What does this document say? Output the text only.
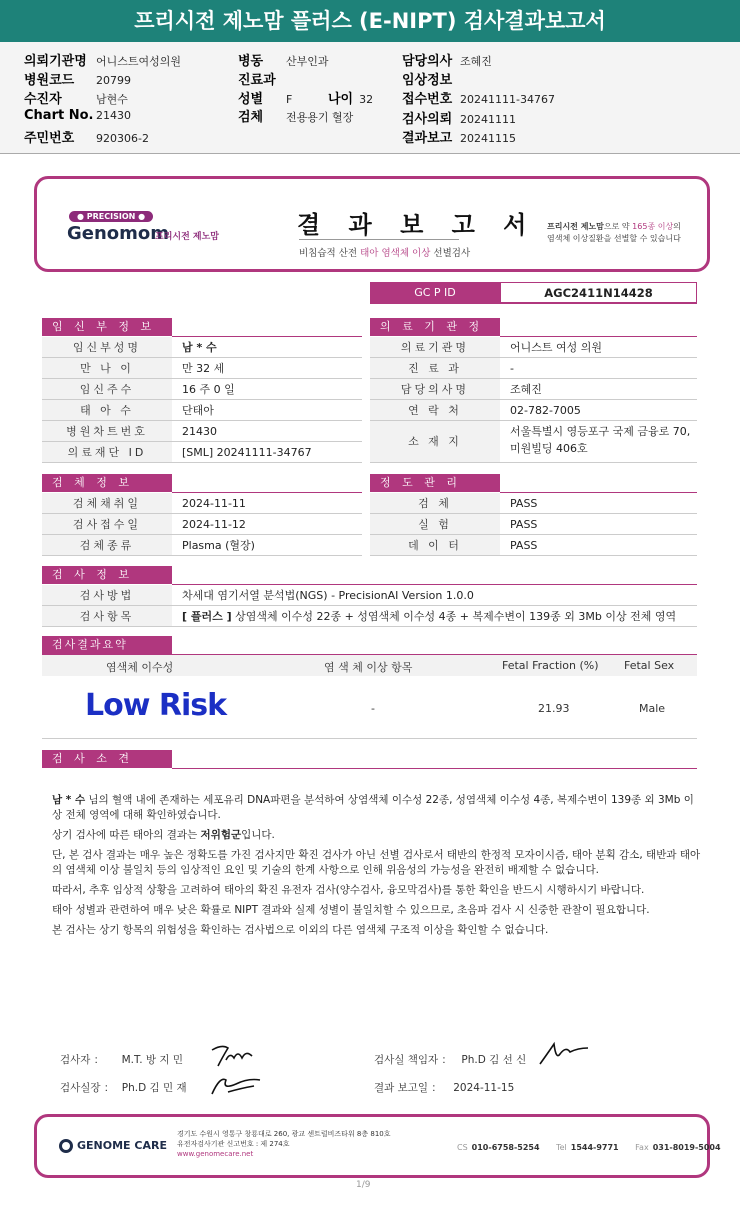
프리시전 제노맘 플러스 (E-NIPT) 검사결과보고서
의뢰기관명 어니스트여성의원
병원코드 20799
수진자	남현수
Chart No. 21430
주민번호 920306-2
병동 산부인과
진료과
성별 F	나이 32
검체 전용용기 혈장
담당의사 조혜진
임상정보
접수번호 20241111-34767
검사의뢰 20241111
결과보고 20241115
● PRECISION ●
Genomom
프리시전 제노맘	결 과 보 고 서
비침습적 산전 태아 염색체 이상 선별검사
프리시전 제노맘으로 약 165종 이상의
염색체 이상질환을 선별할 수 있습니다
GC P ID	AGC2411N14428
임 신 부 정 보
임신부성명	남 * 수
만 나 이	만 32 세
임신주수	16 주 0 일
태 아 수	단태아
병원차트번호	21430
의료재단 ID	[SML] 20241111-34767
의 료 기 관 정
의료기관명	어니스트 여성 의원
진 료 과	-
담당의사명	조혜진
연 락 처	02-782-7005
소 재 지
서울특별시 영등포구 국제 금융로 70,
미원빌딩 406호
검 체 정 보
검체채취일	2024-11-11
검사접수일	2024-11-12
검체종류	Plasma (혈장)
정 도 관 리
검 체	PASS
실 험	PASS
데 이 터	PASS
검 사 정 보
검사방법	차세대 염기서열 분석법(NGS) - PrecisionAI Version 1.0.0
검사항목	[ 플러스 ] 상염색체 이수성 22종 + 성염색체 이수성 4종 + 복제수변이 139종 외 3Mb 이상 전체 영역
검사결과요약
염색체 이수성	염 색 체 이상 항목	Fetal Fraction (%) Fetal Sex
Low Risk	-	21.93	Male
검 사 소 견

남 * 수 님의 혈액 내에 존재하는 세포유리 DNA파편을 분석하여 상염색체 이수성 22종, 성염색체 이수성 4종, 복제수변이 139종 외 3Mb 이상 전체 영역에 대해 확인하였습니다.

상기 검사에 따른 태아의 결과는 저위험군입니다.

단, 본 검사 결과는 매우 높은 정확도를 가진 검사지만 확진 검사가 아닌 선별 검사로서 태반의 한정적 모자이시즘, 태아 분획 감소, 태반과 태아의 염색체 이상 불일치 등의 임상적인 요인 및 기술의 한계 사항으로 인해 위음성의 가능성을 완전히 배제할 수 없습니다.

따라서, 추후 임상적 상황을 고려하여 태아의 확진 유전자 검사(양수검사, 융모막검사)를 통한 확인을 반드시 시행하시기 바랍니다.

태아 성별과 관련하여 매우 낮은 확률로 NIPT 결과와 실제 성별이 불일치할 수 있으므로, 초음파 검사 시 신중한 관찰이 필요합니다.

본 검사는 상기 항목의 위험성을 확인하는 검사법으로 이외의 다른 염색체 구조적 이상을 확인할 수 없습니다.

검사자 ： M.T. 방 지 민
검사실장 ： Ph.D 김 민 재
검사실 책임자 ： Ph.D 김 선 신
결과 보고일 ： 2024-11-15
GENOME CARE
경기도 수원시 영통구 창룡대로 260, 광교 센트럴비즈타워 8층 810호
유전자검사기관 신고번호 : 제 274호
www.genomecare.net
CS 010-6758-5254 Tel 1544-9771 Fax 031-8019-5004
1/9
